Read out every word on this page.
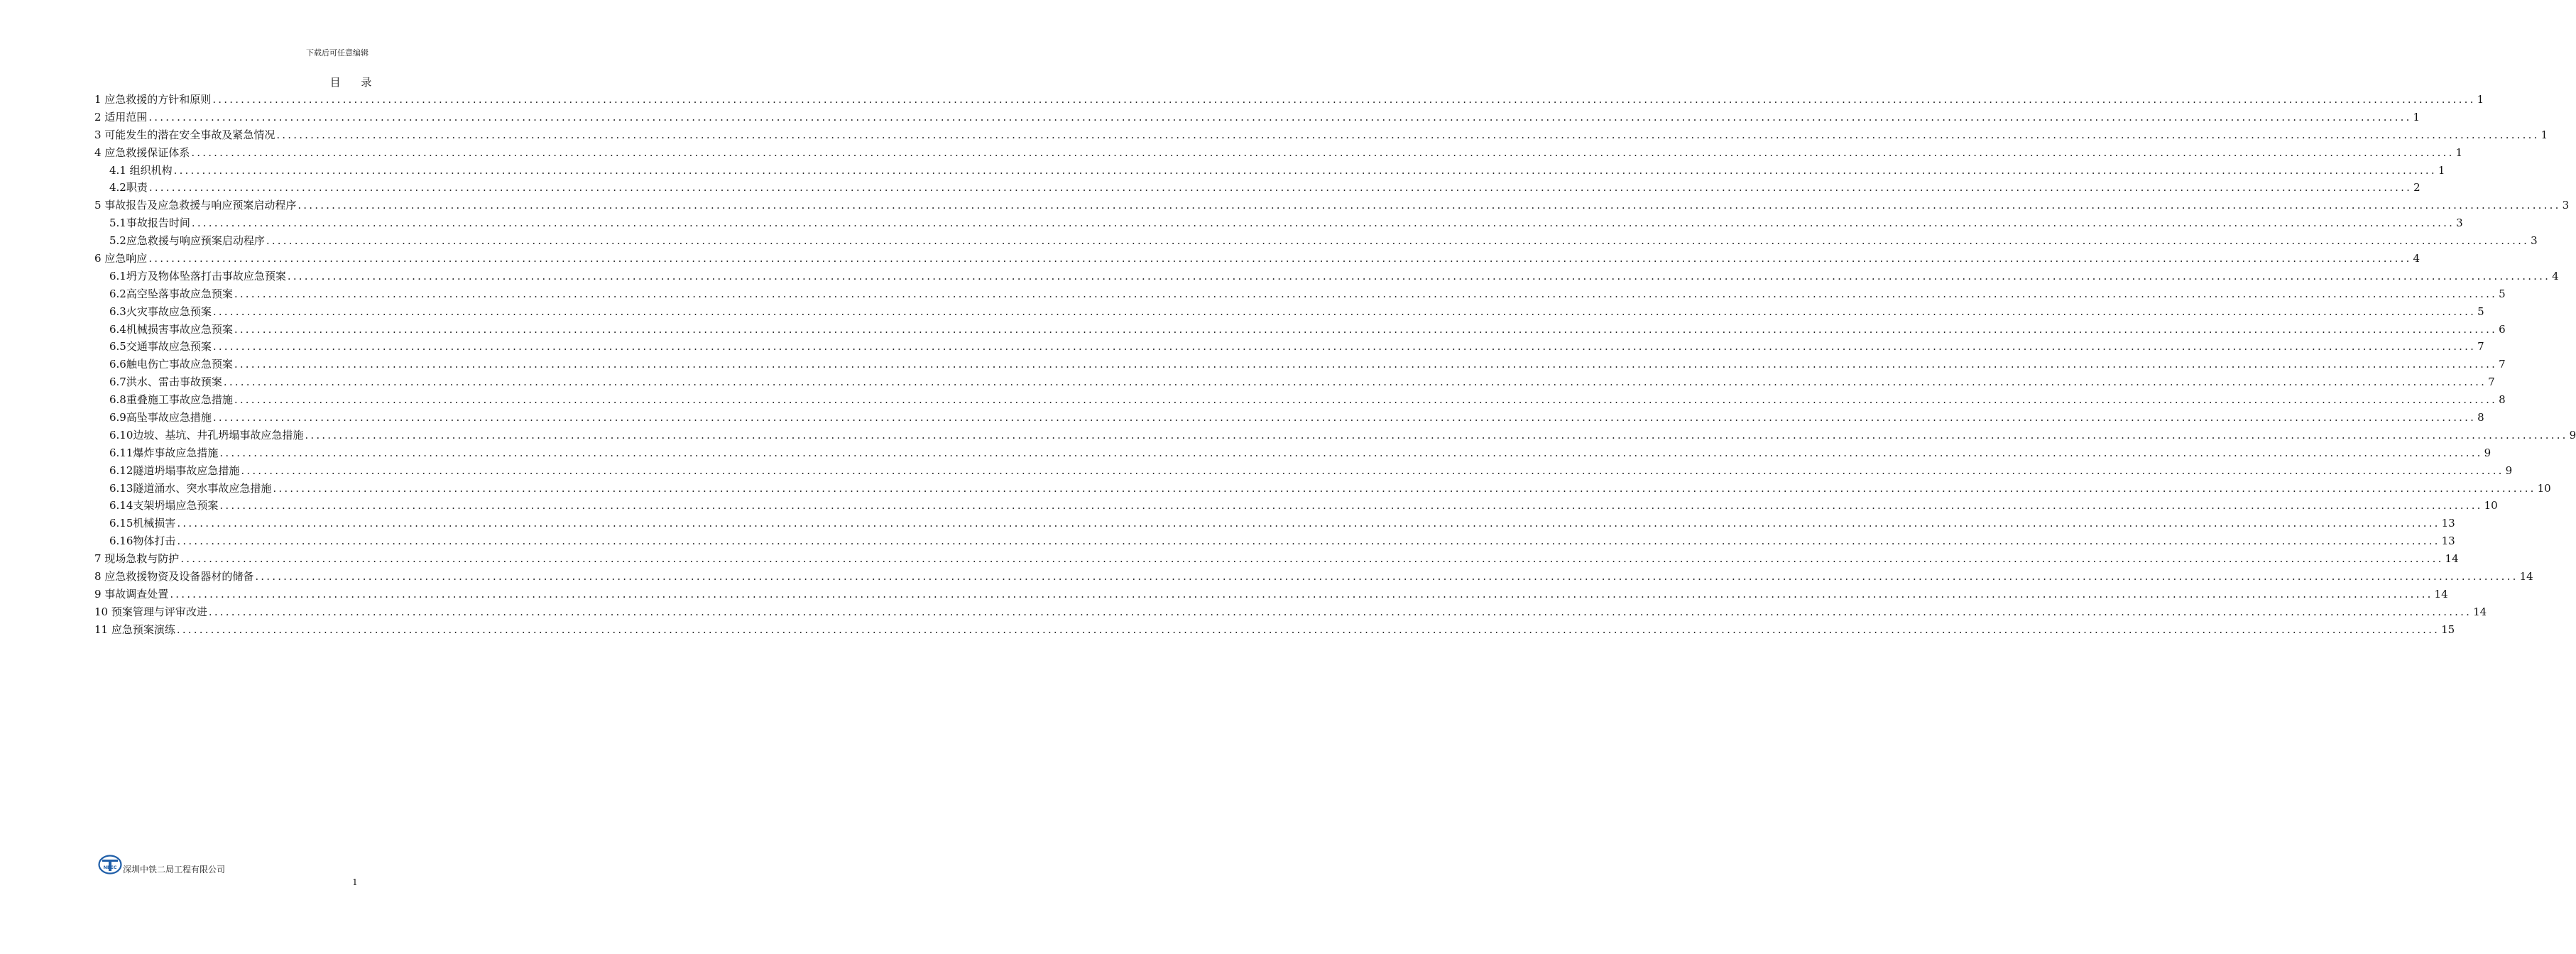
下载后可任意编辑
目 录
1 应急救援的方针和原则 ................................................................................................................................................................................................................................................................................................................................................................................................................ 1
2 适用范围 ................................................................................................................................................................................................................................................................................................................................................................................................................ 1
3 可能发生的潜在安全事故及紧急情况 ................................................................................................................................................................................................................................................................................................................................................................................................................ 1
4 应急救援保证体系 ................................................................................................................................................................................................................................................................................................................................................................................................................ 1
4.1 组织机构 ................................................................................................................................................................................................................................................................................................................................................................................................................ 1
4.2职责 ................................................................................................................................................................................................................................................................................................................................................................................................................ 2
5 事故报告及应急救援与响应预案启动程序 ................................................................................................................................................................................................................................................................................................................................................................................................................ 3
5.1事故报告时间 ................................................................................................................................................................................................................................................................................................................................................................................................................ 3
5.2应急救援与响应预案启动程序 ................................................................................................................................................................................................................................................................................................................................................................................................................ 3
6 应急响应 ................................................................................................................................................................................................................................................................................................................................................................................................................ 4
6.1坍方及物体坠落打击事故应急预案 ................................................................................................................................................................................................................................................................................................................................................................................................................ 4
6.2高空坠落事故应急预案 ................................................................................................................................................................................................................................................................................................................................................................................................................ 5
6.3火灾事故应急预案 ................................................................................................................................................................................................................................................................................................................................................................................................................ 5
6.4机械损害事故应急预案 ................................................................................................................................................................................................................................................................................................................................................................................................................ 6
6.5交通事故应急预案 ................................................................................................................................................................................................................................................................................................................................................................................................................ 7
6.6触电伤亡事故应急预案 ................................................................................................................................................................................................................................................................................................................................................................................................................ 7
6.7洪水、雷击事故预案 ................................................................................................................................................................................................................................................................................................................................................................................................................ 7
6.8重叠施工事故应急措施 ................................................................................................................................................................................................................................................................................................................................................................................................................ 8
6.9高坠事故应急措施 ................................................................................................................................................................................................................................................................................................................................................................................................................ 8
6.10边坡、基坑、井孔坍塌事故应急措施 ................................................................................................................................................................................................................................................................................................................................................................................................................ 9
6.11爆炸事故应急措施 ................................................................................................................................................................................................................................................................................................................................................................................................................ 9
6.12隧道坍塌事故应急措施 ................................................................................................................................................................................................................................................................................................................................................................................................................ 9
6.13隧道涌水、突水事故应急措施 ................................................................................................................................................................................................................................................................................................................................................................................................................ 10
6.14支架坍塌应急预案 ................................................................................................................................................................................................................................................................................................................................................................................................................ 10
6.15机械损害 ................................................................................................................................................................................................................................................................................................................................................................................................................ 13
6.16物体打击 ................................................................................................................................................................................................................................................................................................................................................................................................................ 13
7 现场急救与防护 ................................................................................................................................................................................................................................................................................................................................................................................................................ 14
8 应急救援物资及设备器材的储备 ................................................................................................................................................................................................................................................................................................................................................................................................................ 14
9 事故调查处置 ................................................................................................................................................................................................................................................................................................................................................................................................................ 14
10 预案管理与评审改进 ................................................................................................................................................................................................................................................................................................................................................................................................................ 14
11 应急预案演练 ................................................................................................................................................................................................................................................................................................................................................................................................................ 15
NEEC 深圳中铁二局工程有限公司
1
